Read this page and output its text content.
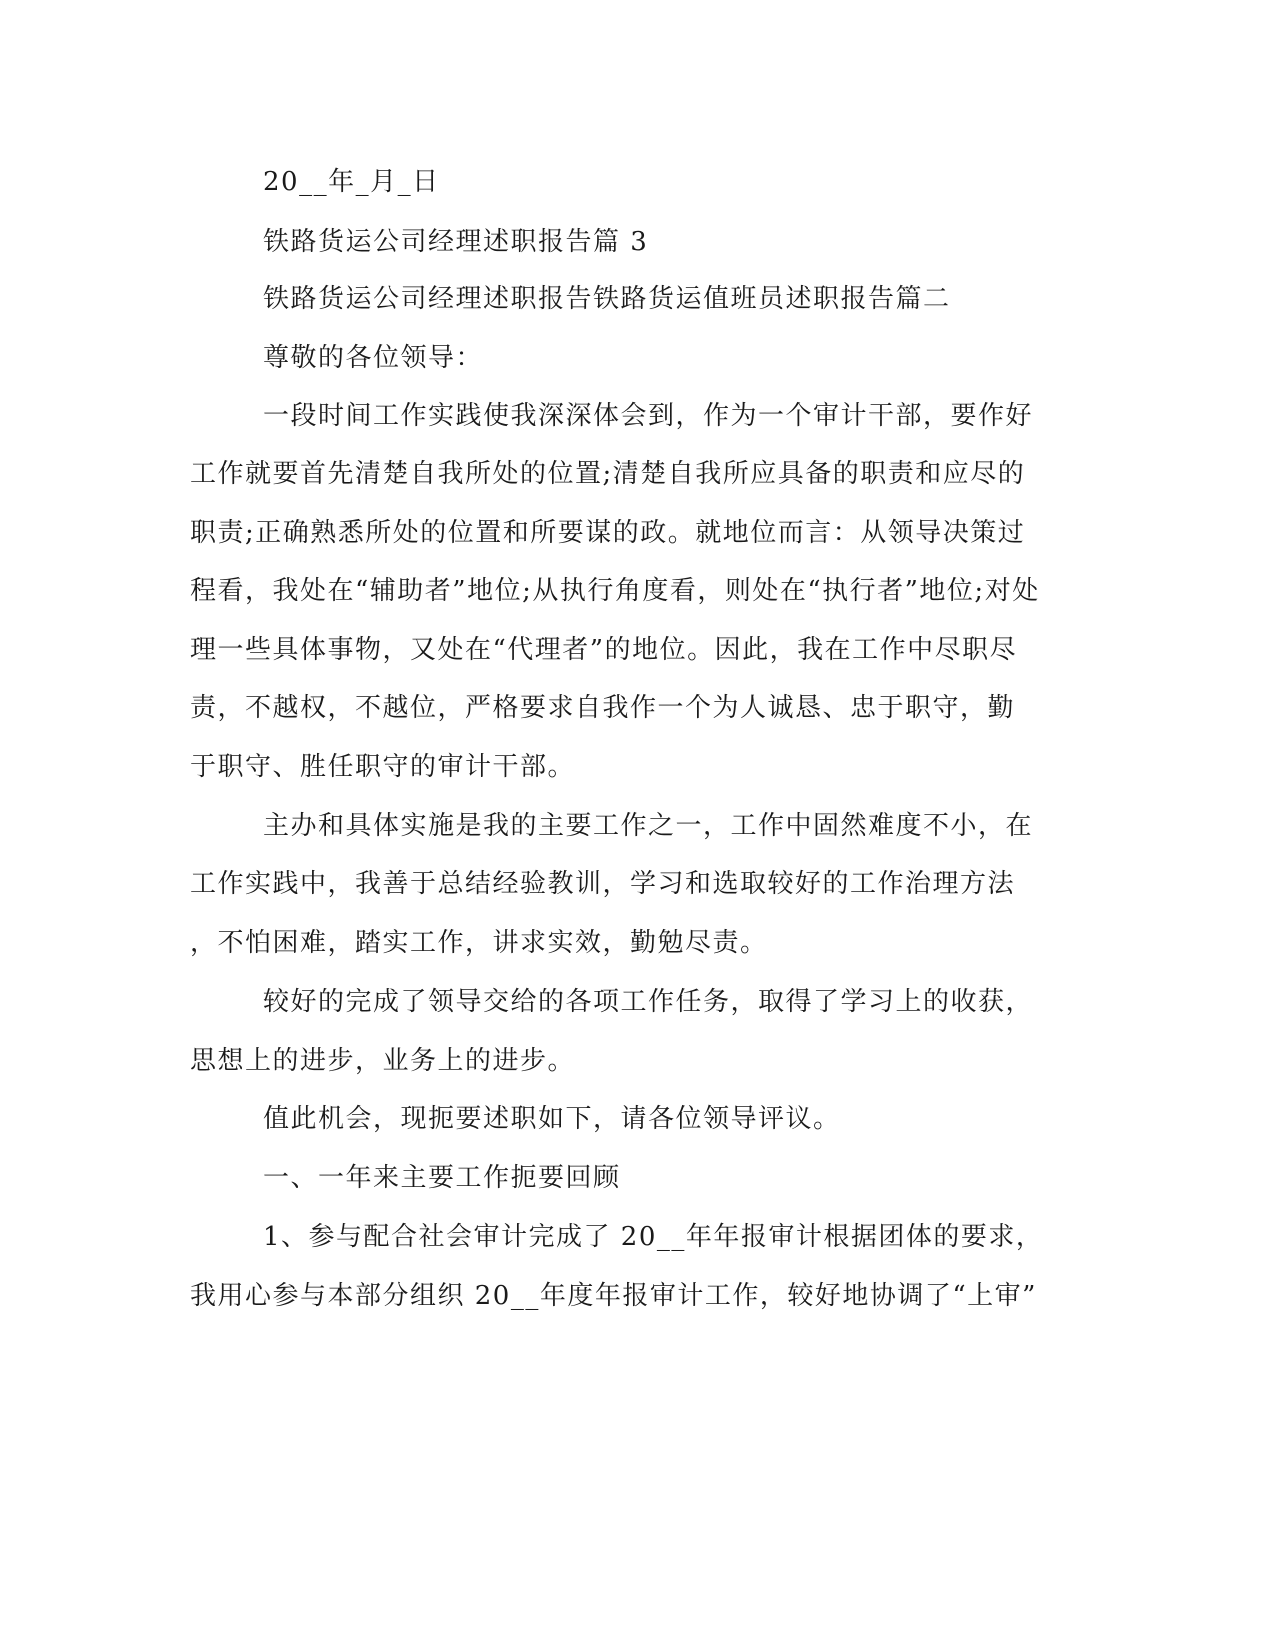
20__年_月_日
铁路货运公司经理述职报告篇 3
铁路货运公司经理述职报告铁路货运值班员述职报告篇二
尊敬的各位领导：
一段时间工作实践使我深深体会到，作为一个审计干部，要作好
工作就要首先清楚自我所处的位置;清楚自我所应具备的职责和应尽的
职责;正确熟悉所处的位置和所要谋的政。就地位而言：从领导决策过
程看，我处在“辅助者”地位;从执行角度看，则处在“执行者”地位;对处
理一些具体事物，又处在“代理者”的地位。因此，我在工作中尽职尽
责，不越权，不越位，严格要求自我作一个为人诚恳、忠于职守，勤
于职守、胜任职守的审计干部。
主办和具体实施是我的主要工作之一，工作中固然难度不小，在
工作实践中，我善于总结经验教训，学习和选取较好的工作治理方法
，不怕困难，踏实工作，讲求实效，勤勉尽责。
较好的完成了领导交给的各项工作任务，取得了学习上的收获，
思想上的进步，业务上的进步。
值此机会，现扼要述职如下，请各位领导评议。
一、一年来主要工作扼要回顾
1、参与配合社会审计完成了 20__年年报审计根据团体的要求，
我用心参与本部分组织 20__年度年报审计工作，较好地协调了“上审”
